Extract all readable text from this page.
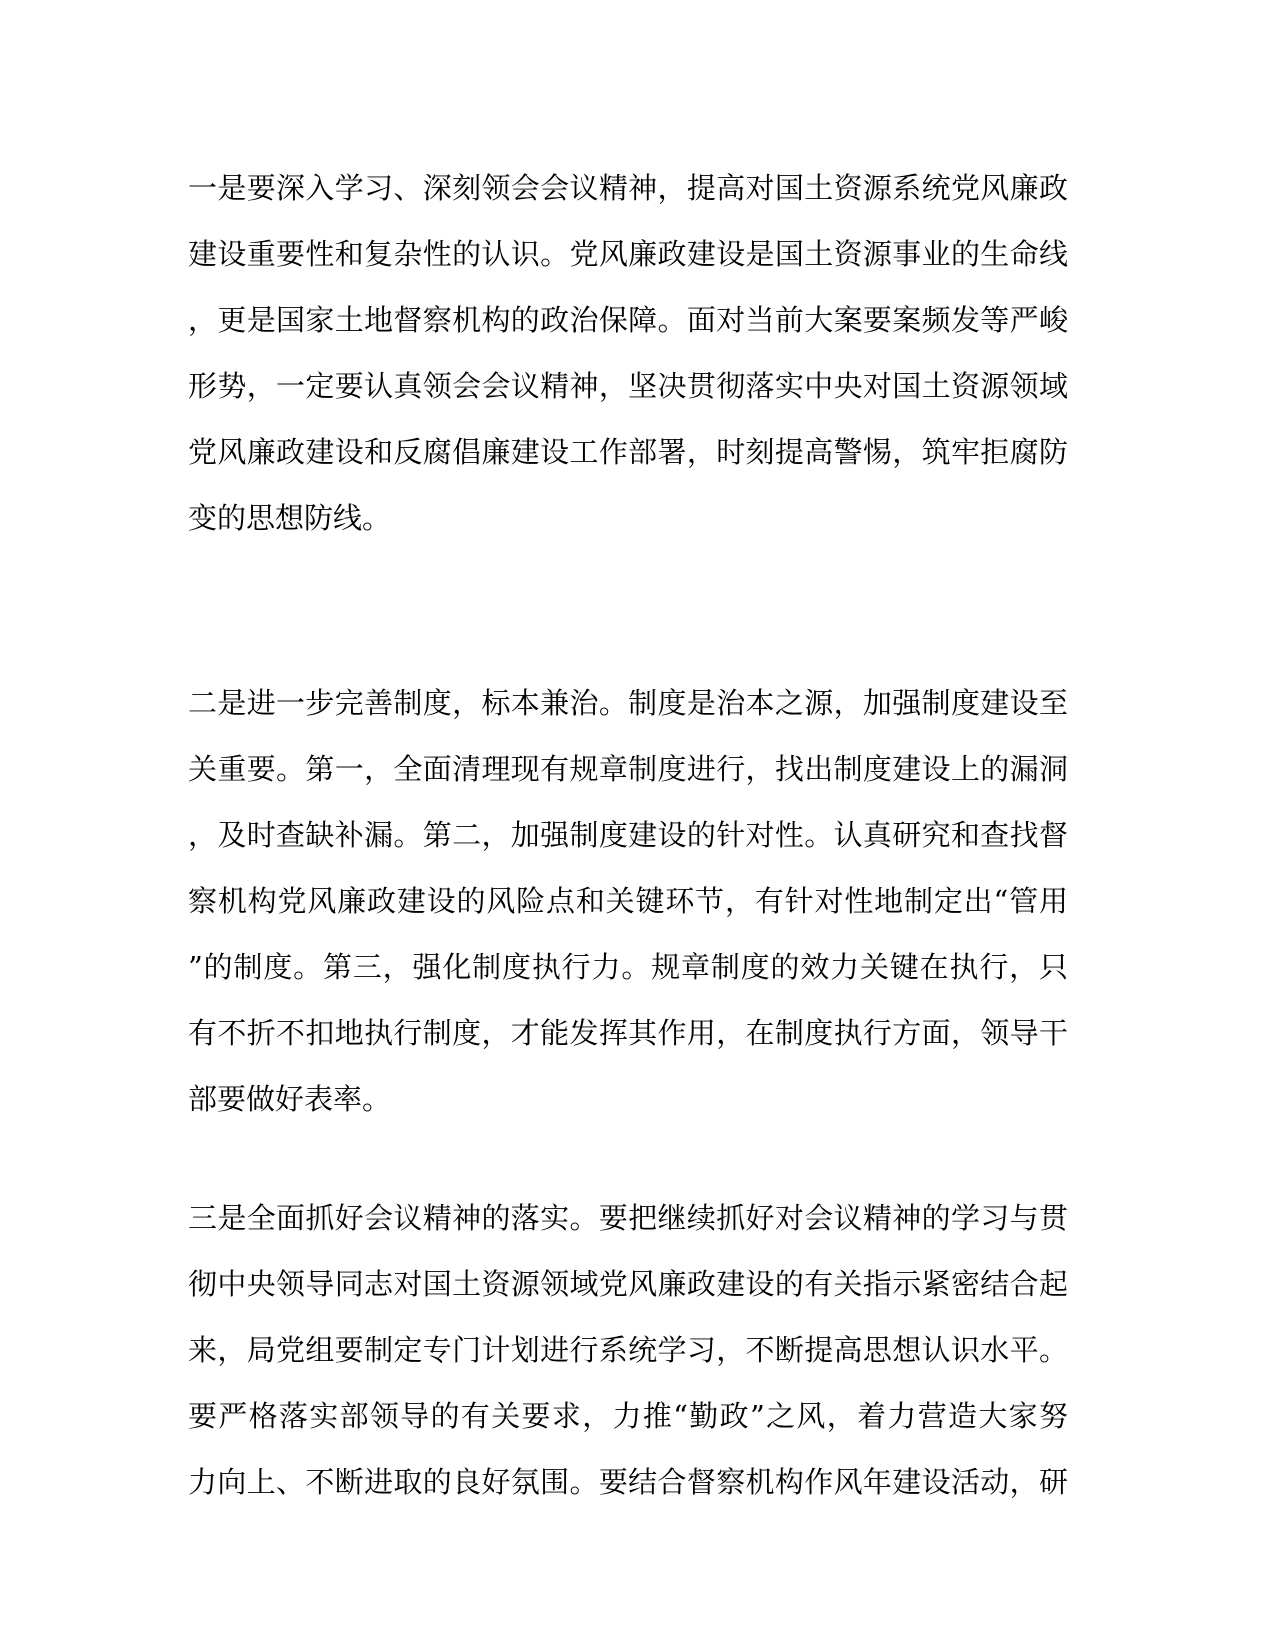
一是要深入学习、深刻领会会议精神，提高对国土资源系统党风廉政
建设重要性和复杂性的认识。党风廉政建设是国土资源事业的生命线
，更是国家土地督察机构的政治保障。面对当前大案要案频发等严峻
形势，一定要认真领会会议精神，坚决贯彻落实中央对国土资源领域
党风廉政建设和反腐倡廉建设工作部署，时刻提高警惕，筑牢拒腐防
变的思想防线。
二是进一步完善制度，标本兼治。制度是治本之源，加强制度建设至
关重要。第一，全面清理现有规章制度进行，找出制度建设上的漏洞
，及时查缺补漏。第二，加强制度建设的针对性。认真研究和查找督
察机构党风廉政建设的风险点和关键环节，有针对性地制定出“管用
”的制度。第三，强化制度执行力。规章制度的效力关键在执行，只
有不折不扣地执行制度，才能发挥其作用，在制度执行方面，领导干
部要做好表率。
三是全面抓好会议精神的落实。要把继续抓好对会议精神的学习与贯
彻中央领导同志对国土资源领域党风廉政建设的有关指示紧密结合起
来，局党组要制定专门计划进行系统学习，不断提高思想认识水平。
要严格落实部领导的有关要求，力推“勤政”之风，着力营造大家努
力向上、不断进取的良好氛围。要结合督察机构作风年建设活动，研
